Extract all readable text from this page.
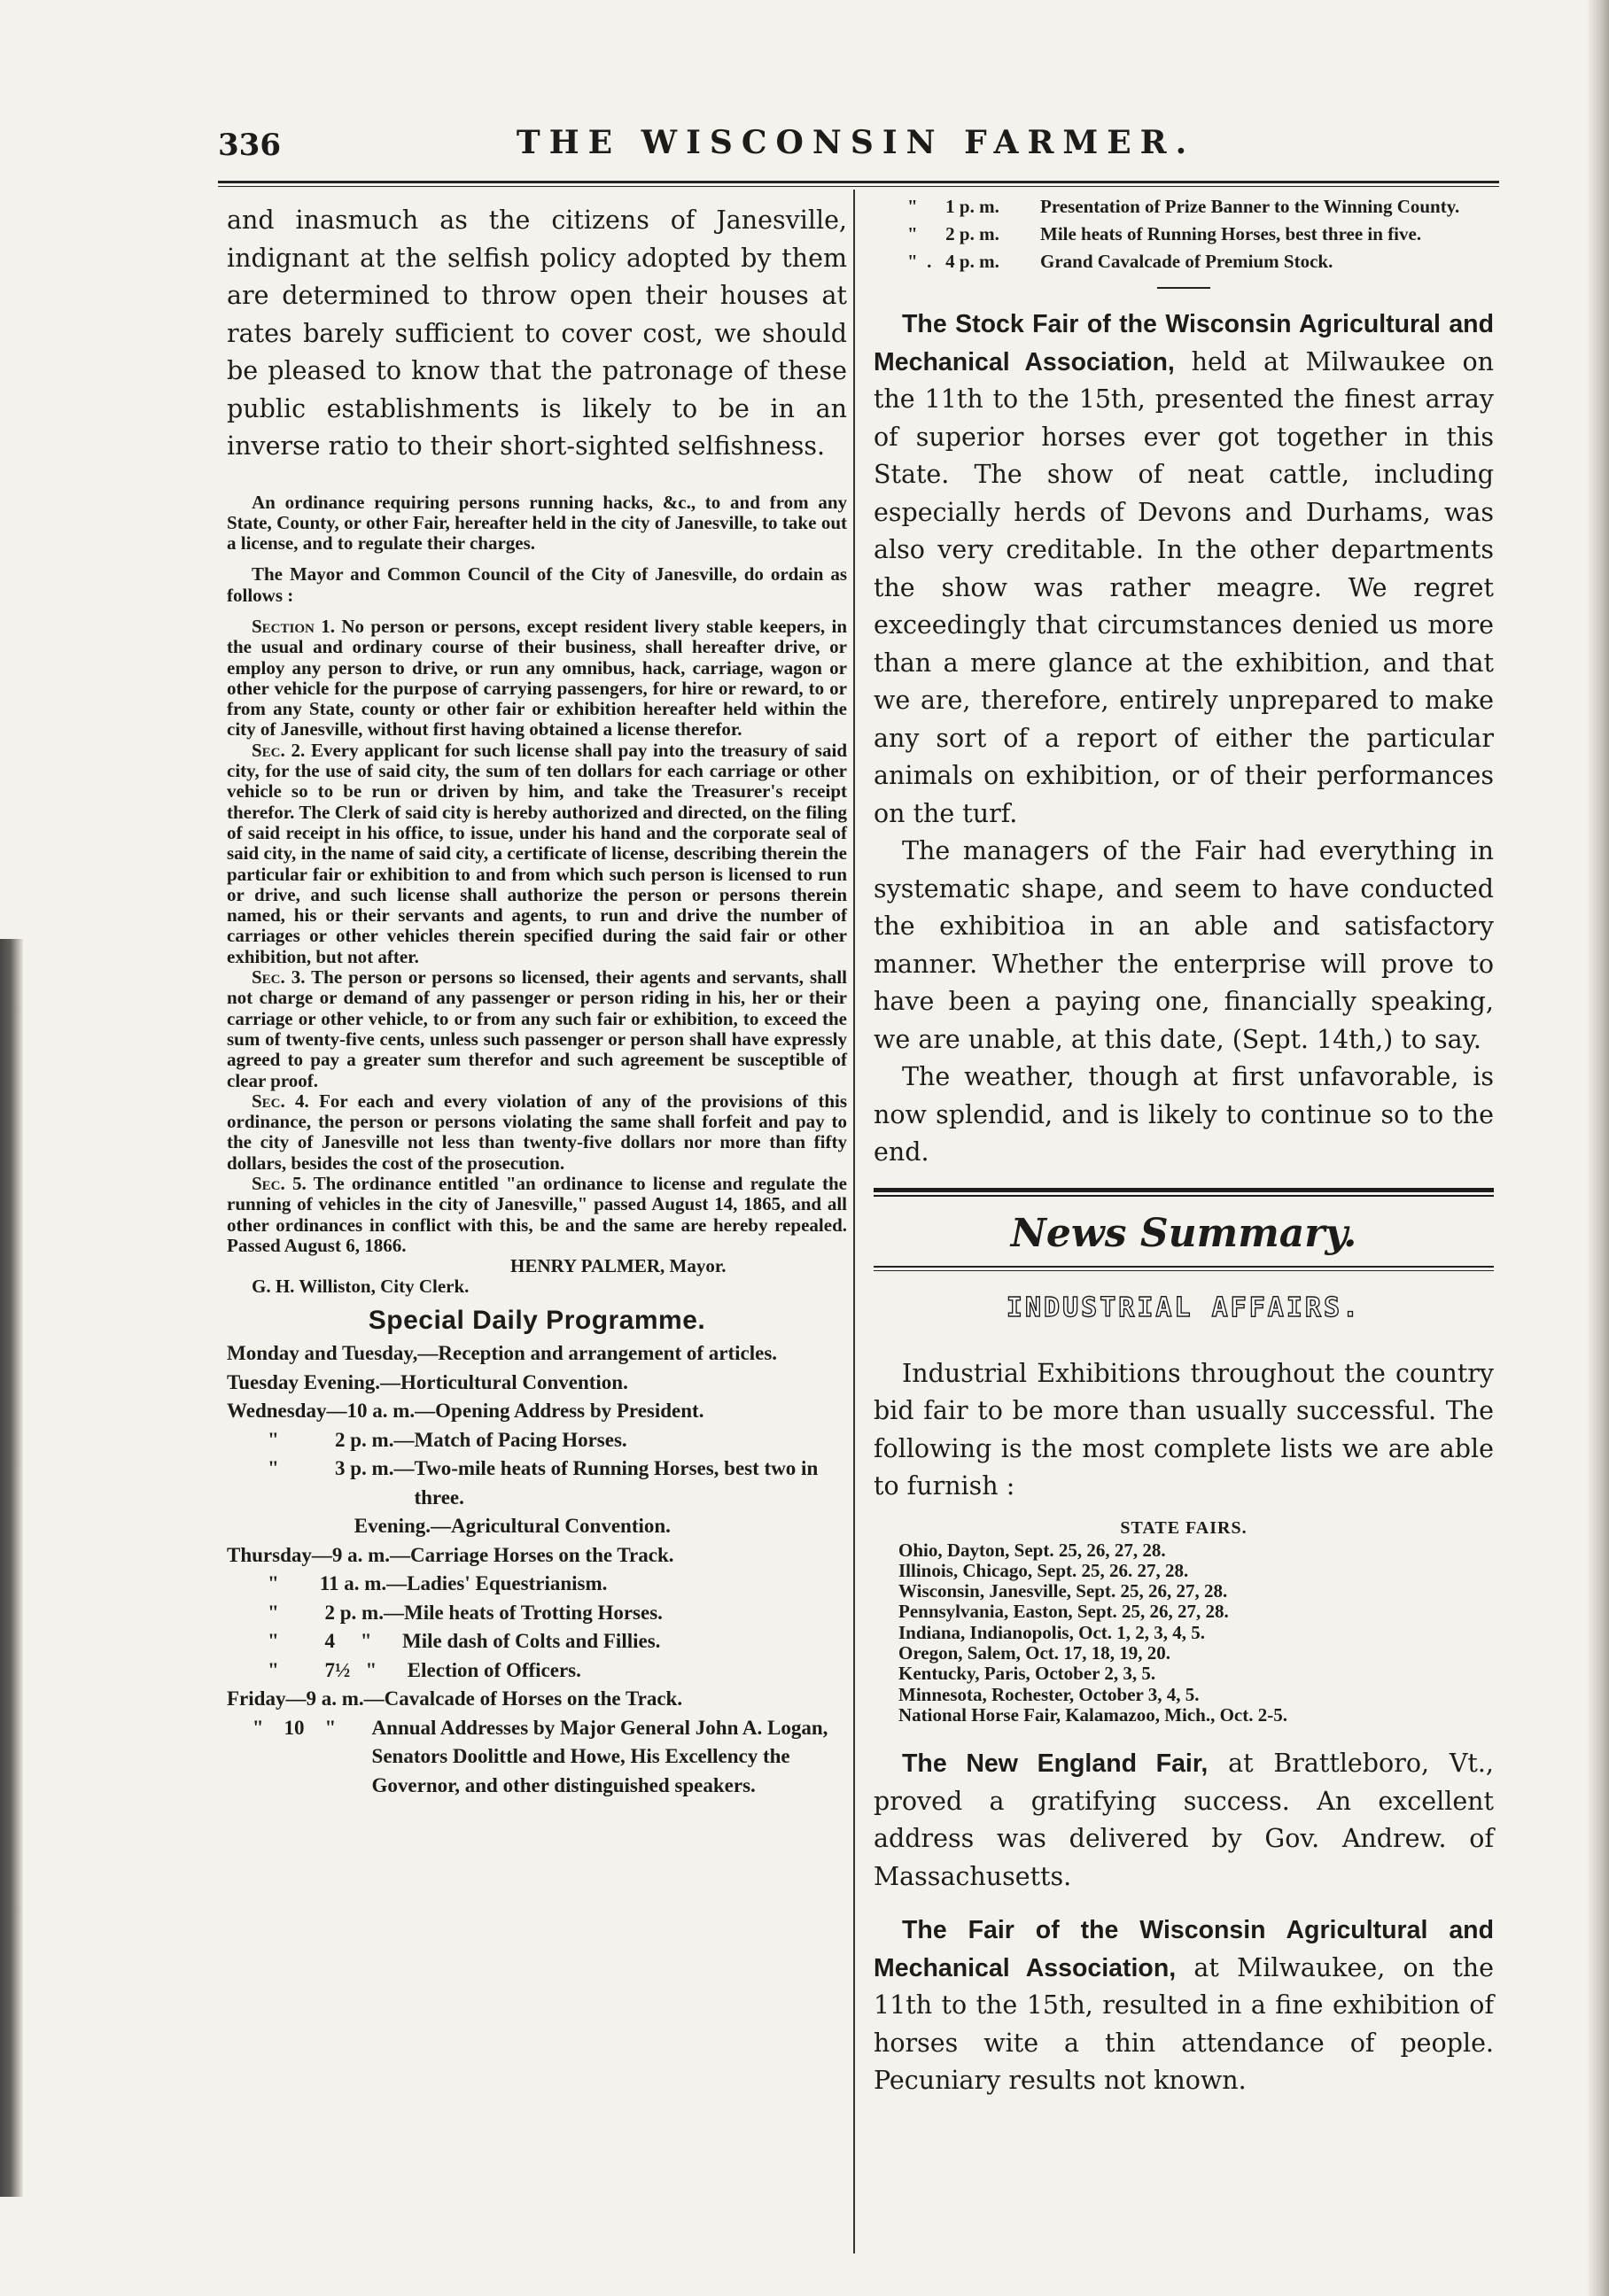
336	THE WISCONSIN FARMER.

and inasmuch as the citizens of Janesville, indignant at the selfish policy adopted by them are determined to throw open their houses at rates barely sufficient to cover cost, we should be pleased to know that the patronage of these public establishments is likely to be in an inverse ratio to their short-sighted selfishness.

An ordinance requiring persons running hacks, &c., to and from any State, County, or other Fair, hereafter held in the city of Janesville, to take out a license, and to regulate their charges.

The Mayor and Common Council of the City of Janesville, do ordain as follows :

Section 1. No person or persons, except resident livery stable keepers, in the usual and ordinary course of their business, shall hereafter drive, or employ any person to drive, or run any omnibus, hack, carriage, wagon or other vehicle for the purpose of carrying passengers, for hire or reward, to or from any State, county or other fair or exhibition hereafter held within the city of Janesville, without first having obtained a license therefor.

Sec. 2. Every applicant for such license shall pay into the treasury of said city, for the use of said city, the sum of ten dollars for each carriage or other vehicle so to be run or driven by him, and take the Treasurer's receipt therefor. The Clerk of said city is hereby authorized and directed, on the filing of said receipt in his office, to issue, under his hand and the corporate seal of said city, in the name of said city, a certificate of license, describing therein the particular fair or exhibition to and from which such person is licensed to run or drive, and such license shall authorize the person or persons therein named, his or their servants and agents, to run and drive the number of carriages or other vehicles therein specified during the said fair or other exhibition, but not after.

Sec. 3. The person or persons so licensed, their agents and servants, shall not charge or demand of any passenger or person riding in his, her or their carriage or other vehicle, to or from any such fair or exhibition, to exceed the sum of twenty-five cents, unless such passenger or person shall have expressly agreed to pay a greater sum therefor and such agreement be susceptible of clear proof.

Sec. 4. For each and every violation of any of the provisions of this ordinance, the person or persons violating the same shall forfeit and pay to the city of Janesville not less than twenty-five dollars nor more than fifty dollars, besides the cost of the prosecution.

Sec. 5. The ordinance entitled "an ordinance to license and regulate the running of vehicles in the city of Janesville," passed August 14, 1865, and all other ordinances in conflict with this, be and the same are hereby repealed. Passed August 6, 1866.

HENRY PALMER, Mayor.
G. H. Williston, City Clerk.
Special Daily Programme.
Monday and Tuesday,— Reception and arrangement of articles.
Tuesday Evening.— Horticultural Convention.
Wednesday—10 a. m.— Opening Address by President.
"           2 p. m.— Match of Pacing Horses.
"           3 p. m.— Two-mile heats of Running Horses, best two in three.

Evening.—Agricultural Convention.
Thursday—9 a. m.— Carriage Horses on the Track.
"        11 a. m.— Ladies' Equestrianism.
"         2 p. m.— Mile heats of Trotting Horses.
"         4     " Mile dash of Colts and Fillies.
"         7½   " Election of Officers.
Friday—9 a. m.— Cavalcade of Horses on the Track.
"    10    " Annual Addresses by Major General John A. Logan, Senators Doolittle and Howe, His Excellency the Governor, and other distinguished speakers.
"      1 p. m.	Presentation of Prize Banner to the Winning County.
"      2 p. m.	Mile heats of Running Horses, best three in five.
"  .   4 p. m.	Grand Cavalcade of Premium Stock.

The Stock Fair of the Wisconsin Agricultural and Mechanical Association, held at Milwaukee on the 11th to the 15th, presented the finest array of superior horses ever got together in this State. The show of neat cattle, including especially herds of Devons and Durhams, was also very creditable. In the other departments the show was rather meagre. We regret exceedingly that circumstances denied us more than a mere glance at the exhibition, and that we are, therefore, entirely unprepared to make any sort of a report of either the particular animals on exhibition, or of their performances on the turf.

The managers of the Fair had everything in systematic shape, and seem to have conducted the exhibitioa in an able and satisfactory manner. Whether the enterprise will prove to have been a paying one, financially speaking, we are unable, at this date, (Sept. 14th,) to say.

The weather, though at first unfavorable, is now splendid, and is likely to continue so to the end.

News Summary.
INDUSTRIAL AFFAIRS.

Industrial Exhibitions throughout the country bid fair to be more than usually successful. The following is the most complete lists we are able to furnish :

STATE FAIRS.
Ohio, Dayton, Sept. 25, 26, 27, 28.
Illinois, Chicago, Sept. 25, 26. 27, 28.
Wisconsin, Janesville, Sept. 25, 26, 27, 28.
Pennsylvania, Easton, Sept. 25, 26, 27, 28.
Indiana, Indianopolis, Oct. 1, 2, 3, 4, 5.
Oregon, Salem, Oct. 17, 18, 19, 20.
Kentucky, Paris, October 2, 3, 5.
Minnesota, Rochester, October 3, 4, 5.
National Horse Fair, Kalamazoo, Mich., Oct. 2-5.

The New England Fair, at Brattleboro, Vt., proved a gratifying success. An excellent address was delivered by Gov. Andrew. of Massachusetts.

The Fair of the Wisconsin Agricultural and Mechanical Association, at Milwaukee, on the 11th to the 15th, resulted in a fine exhibition of horses wite a thin attendance of people. Pecuniary results not known.
